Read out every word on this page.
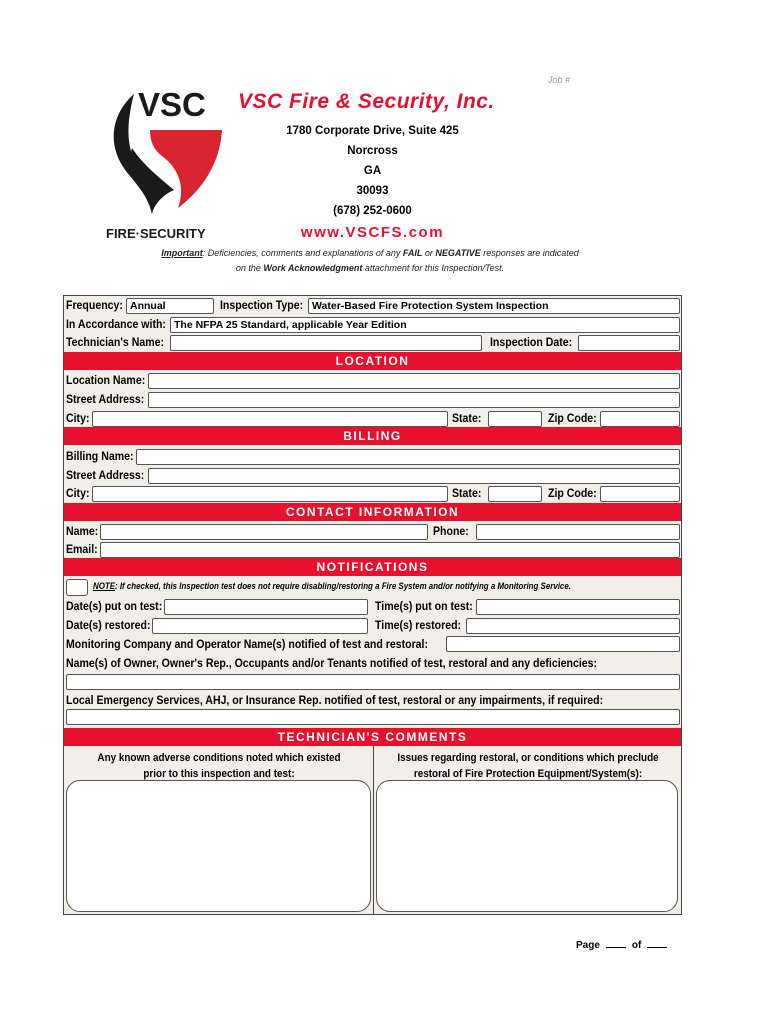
Job #
VSC
FIRE·SECURITY
VSC Fire & Security, Inc.
1780 Corporate Drive, Suite 425
Norcross
GA
30093
(678) 252-0600
www.VSCFS.com
Important: Deficiencies, comments and explanations of any FAIL or NEGATIVE responses are indicated
on the Work Acknowledgment attachment for this Inspection/Test.
Frequency: Annual	Inspection Type: Water-Based Fire Protection System Inspection
In Accordance with: The NFPA 25 Standard, applicable Year Edition
Technician's Name:	Inspection Date:
LOCATION
Location Name:
Street Address:
City:	State:	Zip Code:
BILLING
Billing Name:
Street Address:
City:	State:	Zip Code:
CONTACT INFORMATION
Name:	Phone:
Email:
NOTIFICATIONS
NOTE: If checked, this Inspection test does not require disabling/restoring a Fire System and/or notifying a Monitoring Service.
Date(s) put on test:	Time(s) put on test:
Date(s) restored:	Time(s) restored:
Monitoring Company and Operator Name(s) notified of test and restoral:
Name(s) of Owner, Owner's Rep., Occupants and/or Tenants notified of test, restoral and any deficiencies:
Local Emergency Services, AHJ, or Insurance Rep. notified of test, restoral or any impairments, if required:
TECHNICIAN'S COMMENTS
Any known adverse conditions noted which existed prior to this inspection and test:
Issues regarding restoral, or conditions which preclude restoral of Fire Protection Equipment/System(s):
Page	of
